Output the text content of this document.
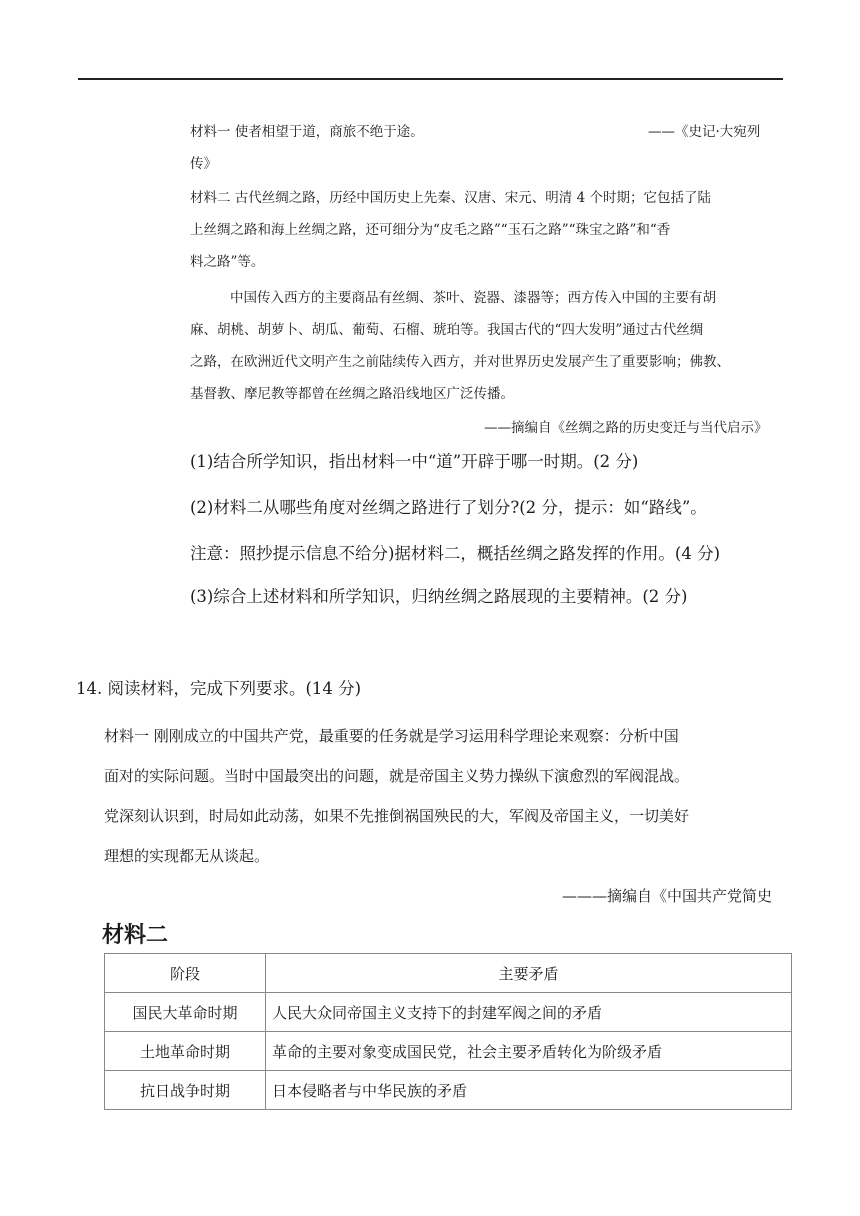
材料一 使者相望于道，商旅不绝于途。	——《史记·大宛列
传》
材料二 古代丝绸之路，历经中国历史上先秦、汉唐、宋元、明清 4 个时期；它包括了陆
上丝绸之路和海上丝绸之路，还可细分为“皮毛之路”“玉石之路”“珠宝之路”和“香
料之路”等。
中国传入西方的主要商品有丝绸、茶叶、瓷器、漆器等；西方传入中国的主要有胡
麻、胡桃、胡萝卜、胡瓜、葡萄、石榴、琥珀等。我国古代的“四大发明”通过古代丝绸
之路，在欧洲近代文明产生之前陆续传入西方，并对世界历史发展产生了重要影响；佛教、
基督教、摩尼教等都曾在丝绸之路沿线地区广泛传播。
——摘编自《丝绸之路的历史变迁与当代启示》
(1)结合所学知识，指出材料一中“道”开辟于哪一时期。(2 分)
(2)材料二从哪些角度对丝绸之路进行了划分?(2 分，提示：如“路线”。
注意：照抄提示信息不给分)据材料二，概括丝绸之路发挥的作用。(4 分)
(3)综合上述材料和所学知识，归纳丝绸之路展现的主要精神。(2 分)
14. 阅读材料，完成下列要求。(14 分)
材料一 刚刚成立的中国共产党，最重要的任务就是学习运用科学理论来观察：分析中国
面对的实际问题。当时中国最突出的问题，就是帝国主义势力操纵下演愈烈的军阀混战。
党深刻认识到，时局如此动荡，如果不先推倒祸国殃民的大，军阀及帝国主义，一切美好
理想的实现都无从谈起。
———摘编自《中国共产党简史
材料二
阶段	主要矛盾
国民大革命时期	人民大众同帝国主义支持下的封建军阀之间的矛盾
土地革命时期	革命的主要对象变成国民党，社会主要矛盾转化为阶级矛盾
抗日战争时期	日本侵略者与中华民族的矛盾
